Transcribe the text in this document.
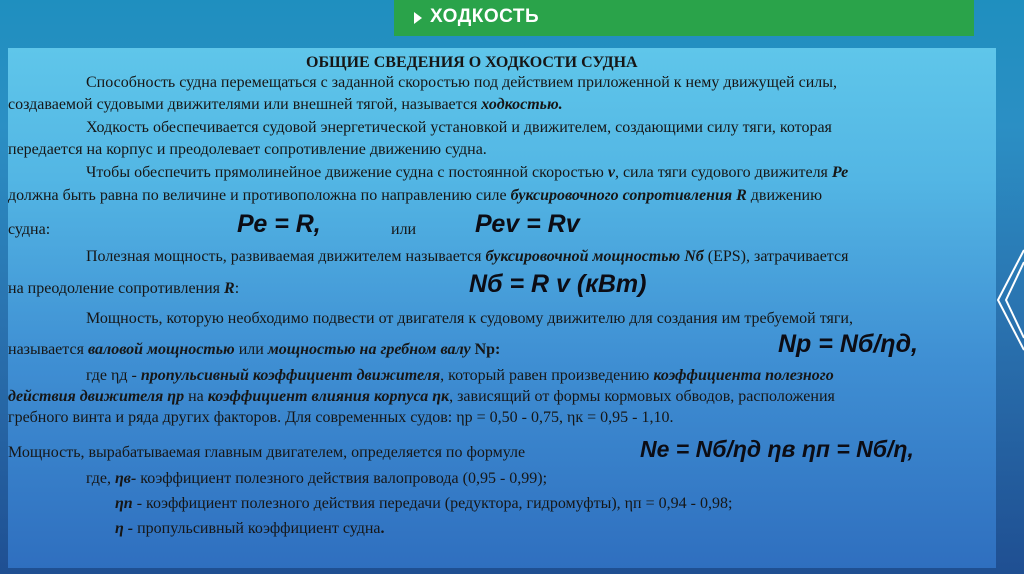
ХОДКОСТЬ
ОБЩИЕ СВЕДЕНИЯ О ХОДКОСТИ СУДНА
Способность судна перемещаться с заданной скоростью под действием приложенной к нему движущей силы,
создаваемой судовыми движителями или внешней тягой, называется ходкостью.
Ходкость обеспечивается судовой энергетической установкой и движителем, создающими силу тяги, которая
передается на корпус и преодолевает сопротивление движению судна.
Чтобы обеспечить прямолинейное движение судна с постоянной скоростью v, сила тяги судового движителя Ре
должна быть равна по величине и противоположна по направлению силе буксировочного сопротивления R движению
судна:	Ре = R,	или Реv = Rv
Полезная мощность, развиваемая движителем называется буксировочной мощностью Nб (EPS), затрачивается
на преодоление сопротивления R:	Nб = R v (кВт)
Мощность, которую необходимо подвести от двигателя к судовому движителю для создания им требуемой тяги,
называется валовой мощностью или мощностью на гребном валу Nр:	Nр = Nб/ηд,
где ηд - пропульсивный коэффициент движителя, который равен произведению коэффициента полезного
действия движителя ηр на коэффициент влияния корпуса ηк, зависящий от формы кормовых обводов, расположения
гребного винта и ряда других факторов. Для современных судов: ηр = 0,50 - 0,75, ηк = 0,95 - 1,10.
Мощность, вырабатываемая главным двигателем, определяется по формуле	Nе = Nб/ηд ηв ηп = Nб/η,
где, ηв- коэффициент полезного действия валопровода (0,95 - 0,99);
ηп - коэффициент полезного действия передачи (редуктора, гидромуфты), ηп = 0,94 - 0,98;
η - пропульсивный коэффициент судна.
